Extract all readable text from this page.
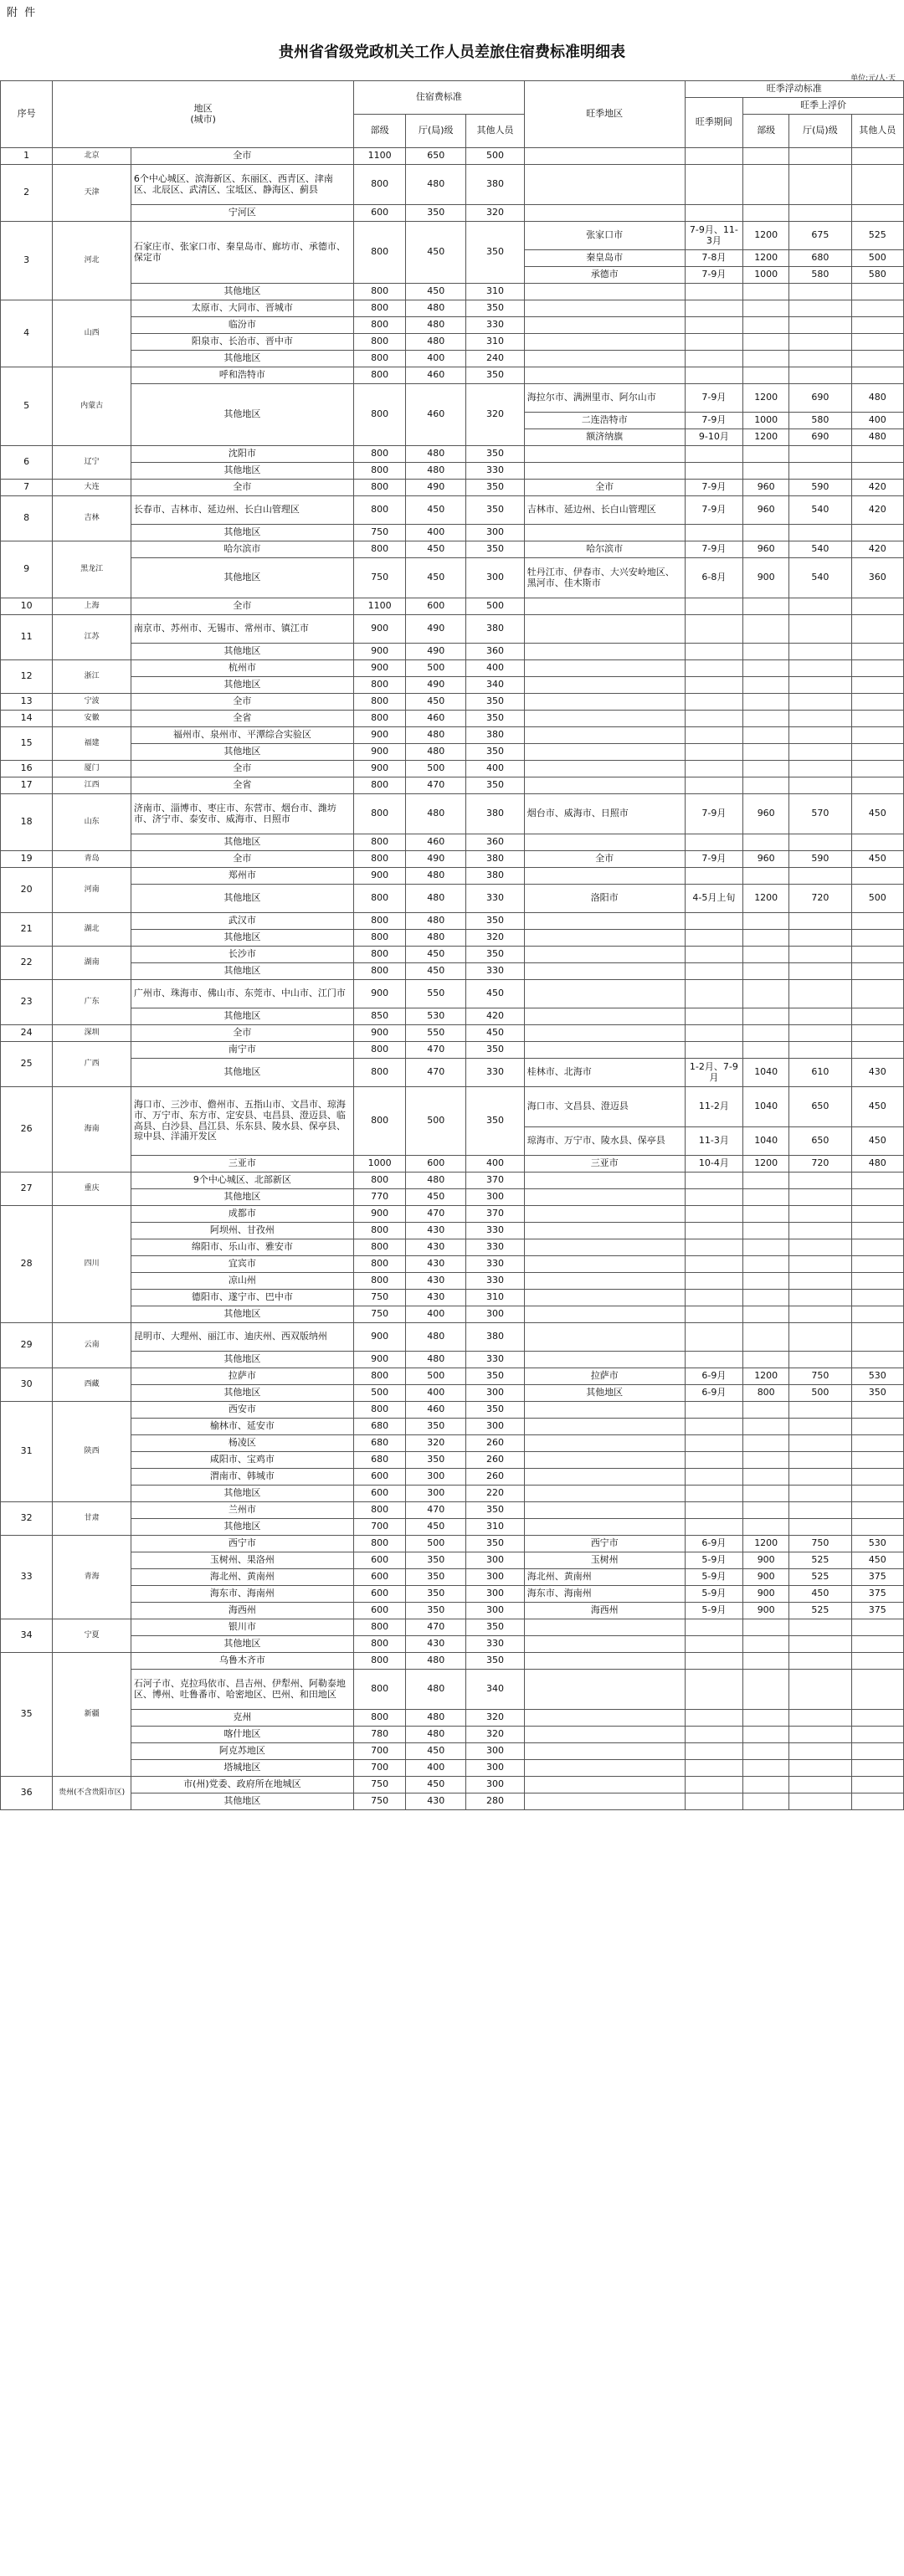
附 件
贵州省省级党政机关工作人员差旅住宿费标准明细表
单位:元/人·天
序号	地区
(城市)		住宿费标准			旺季地区	旺季浮动标准			
							旺季期间	旺季上浮价		
			部级	厅(局)级	其他人员			部级	厅(局)级	其他人员
1	北京	全市	1100	650	500					
2	天津	6个中心城区、滨海新区、东丽区、西青区、津南区、北辰区、武清区、宝坻区、静海区、蓟县	800	480	380					
		宁河区	600	350	320					
3	河北	石家庄市、张家口市、秦皇岛市、廊坊市、承德市、保定市	800	450	350	张家口市	7-9月、11-3月	1200	675	525
						秦皇岛市	7-8月	1200	680	500
						承德市	7-9月	1000	580	580
		其他地区	800	450	310					
4	山西	太原市、大同市、晋城市	800	480	350					
		临汾市	800	480	330					
		阳泉市、长治市、晋中市	800	480	310					
		其他地区	800	400	240					
5	内蒙古	呼和浩特市	800	460	350					
		其他地区	800	460	320	海拉尔市、满洲里市、阿尔山市	7-9月	1200	690	480
						二连浩特市	7-9月	1000	580	400
						额济纳旗	9-10月	1200	690	480
6	辽宁	沈阳市	800	480	350					
		其他地区	800	480	330					
7	大连	全市	800	490	350	全市	7-9月	960	590	420
8	吉林	长春市、吉林市、延边州、长白山管理区	800	450	350	吉林市、延边州、长白山管理区	7-9月	960	540	420
		其他地区	750	400	300					
9	黑龙江	哈尔滨市	800	450	350	哈尔滨市	7-9月	960	540	420
		其他地区	750	450	300	牡丹江市、伊春市、大兴安岭地区、黑河市、佳木斯市	6-8月	900	540	360
10	上海	全市	1100	600	500					
11	江苏	南京市、苏州市、无锡市、常州市、镇江市	900	490	380					
		其他地区	900	490	360					
12	浙江	杭州市	900	500	400					
		其他地区	800	490	340					
13	宁波	全市	800	450	350					
14	安徽	全省	800	460	350					
15	福建	福州市、泉州市、平潭综合实验区	900	480	380					
		其他地区	900	480	350					
16	厦门	全市	900	500	400					
17	江西	全省	800	470	350					
18	山东	济南市、淄博市、枣庄市、东营市、烟台市、潍坊市、济宁市、泰安市、威海市、日照市	800	480	380	烟台市、威海市、日照市	7-9月	960	570	450
		其他地区	800	460	360					
19	青岛	全市	800	490	380	全市	7-9月	960	590	450
20	河南	郑州市	900	480	380					
		其他地区	800	480	330	洛阳市	4-5月上旬	1200	720	500
21	湖北	武汉市	800	480	350					
		其他地区	800	480	320					
22	湖南	长沙市	800	450	350					
		其他地区	800	450	330					
23	广东	广州市、珠海市、佛山市、东莞市、中山市、江门市	900	550	450					
		其他地区	850	530	420					
24	深圳	全市	900	550	450					
25	广西	南宁市	800	470	350					
		其他地区	800	470	330	桂林市、北海市	1-2月、7-9月	1040	610	430
26	海南	海口市、三沙市、儋州市、五指山市、文昌市、琼海市、万宁市、东方市、定安县、屯昌县、澄迈县、临高县、白沙县、昌江县、乐东县、陵水县、保亭县、琼中县、洋浦开发区	800	500	350	海口市、文昌县、澄迈县	11-2月	1040	650	450
						琼海市、万宁市、陵水县、保亭县	11-3月	1040	650	450
		三亚市	1000	600	400	三亚市	10-4月	1200	720	480
27	重庆	9个中心城区、北部新区	800	480	370					
		其他地区	770	450	300					
28	四川	成都市	900	470	370					
		阿坝州、甘孜州	800	430	330					
		绵阳市、乐山市、雅安市	800	430	330					
		宜宾市	800	430	330					
		凉山州	800	430	330					
		德阳市、遂宁市、巴中市	750	430	310					
		其他地区	750	400	300					
29	云南	昆明市、大理州、丽江市、迪庆州、西双版纳州	900	480	380					
		其他地区	900	480	330					
30	西藏	拉萨市	800	500	350	拉萨市	6-9月	1200	750	530
		其他地区	500	400	300	其他地区	6-9月	800	500	350
31	陕西	西安市	800	460	350					
		榆林市、延安市	680	350	300					
		杨凌区	680	320	260					
		咸阳市、宝鸡市	680	350	260					
		渭南市、韩城市	600	300	260					
		其他地区	600	300	220					
32	甘肃	兰州市	800	470	350					
		其他地区	700	450	310					
33	青海	西宁市	800	500	350	西宁市	6-9月	1200	750	530
		玉树州、果洛州	600	350	300	玉树州	5-9月	900	525	450
		海北州、黄南州	600	350	300	海北州、黄南州	5-9月	900	525	375
		海东市、海南州	600	350	300	海东市、海南州	5-9月	900	450	375
		海西州	600	350	300	海西州	5-9月	900	525	375
34	宁夏	银川市	800	470	350					
		其他地区	800	430	330					
35	新疆	乌鲁木齐市	800	480	350					
		石河子市、克拉玛依市、昌吉州、伊犁州、阿勒泰地区、博州、吐鲁番市、哈密地区、巴州、和田地区	800	480	340					
		克州	800	480	320					
		喀什地区	780	480	320					
		阿克苏地区	700	450	300					
		塔城地区	700	400	300					
36	贵州(不含贵阳市区)	市(州)党委、政府所在地城区	750	450	300					
		其他地区	750	430	280					
